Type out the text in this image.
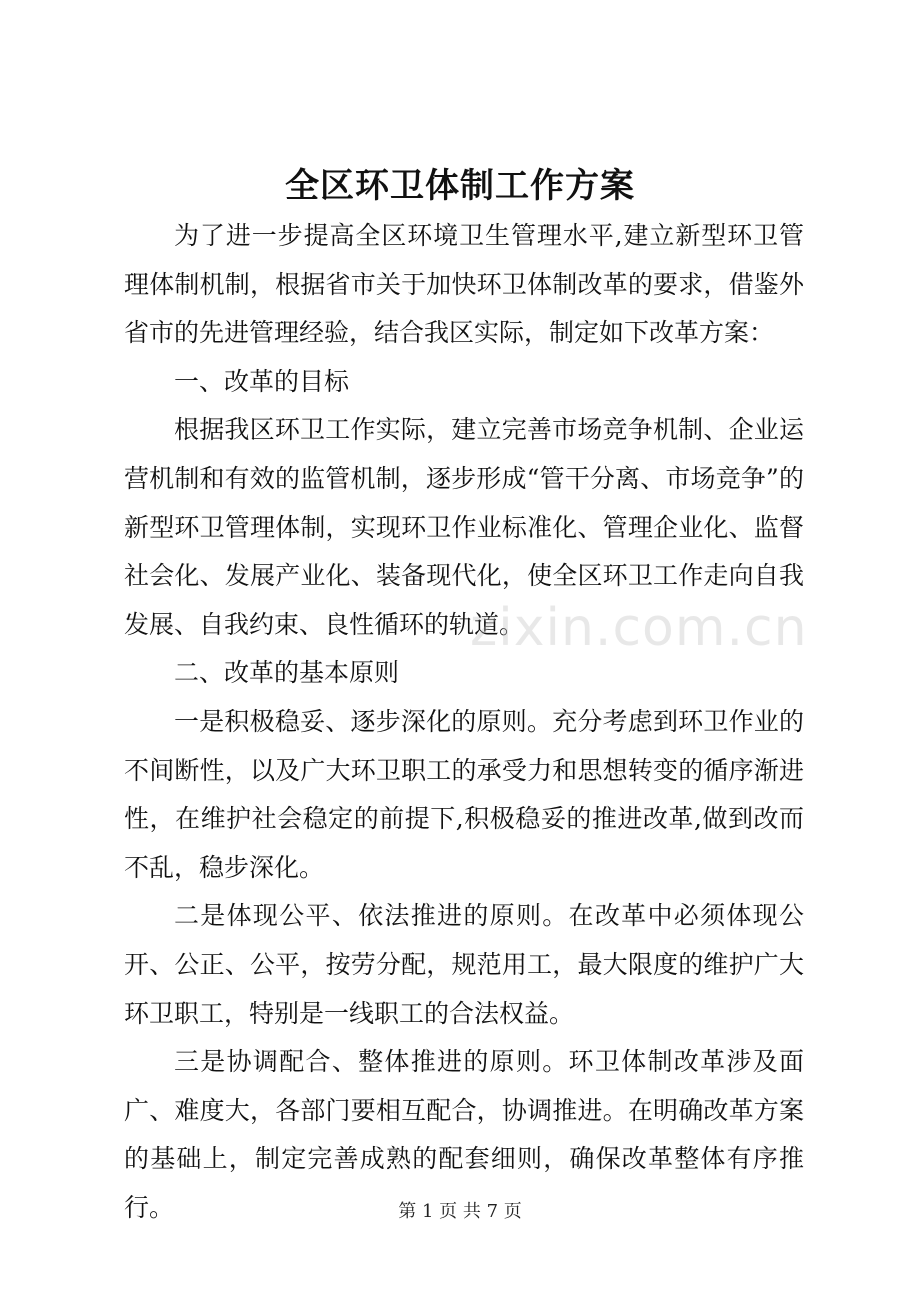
全区环卫体制工作方案

为了进一步提高全区环境卫生管理水平,建立新型环卫管理体制机制，根据省市关于加快环卫体制改革的要求，借鉴外省市的先进管理经验，结合我区实际，制定如下改革方案：

一、改革的目标

根据我区环卫工作实际，建立完善市场竞争机制、企业运营机制和有效的监管机制，逐步形成“管干分离、市场竞争”的新型环卫管理体制，实现环卫作业标准化、管理企业化、监督社会化、发展产业化、装备现代化，使全区环卫工作走向自我发展、自我约束、良性循环的轨道。

二、改革的基本原则

一是积极稳妥、逐步深化的原则。充分考虑到环卫作业的不间断性，以及广大环卫职工的承受力和思想转变的循序渐进性，在维护社会稳定的前提下,积极稳妥的推进改革,做到改而不乱，稳步深化。

二是体现公平、依法推进的原则。在改革中必须体现公开、公正、公平，按劳分配，规范用工，最大限度的维护广大环卫职工，特别是一线职工的合法权益。

三是协调配合、整体推进的原则。环卫体制改革涉及面广、难度大，各部门要相互配合，协调推进。在明确改革方案的基础上，制定完善成熟的配套细则，确保改革整体有序推行。

zixin.com.cn
第 1 页 共 7 页
